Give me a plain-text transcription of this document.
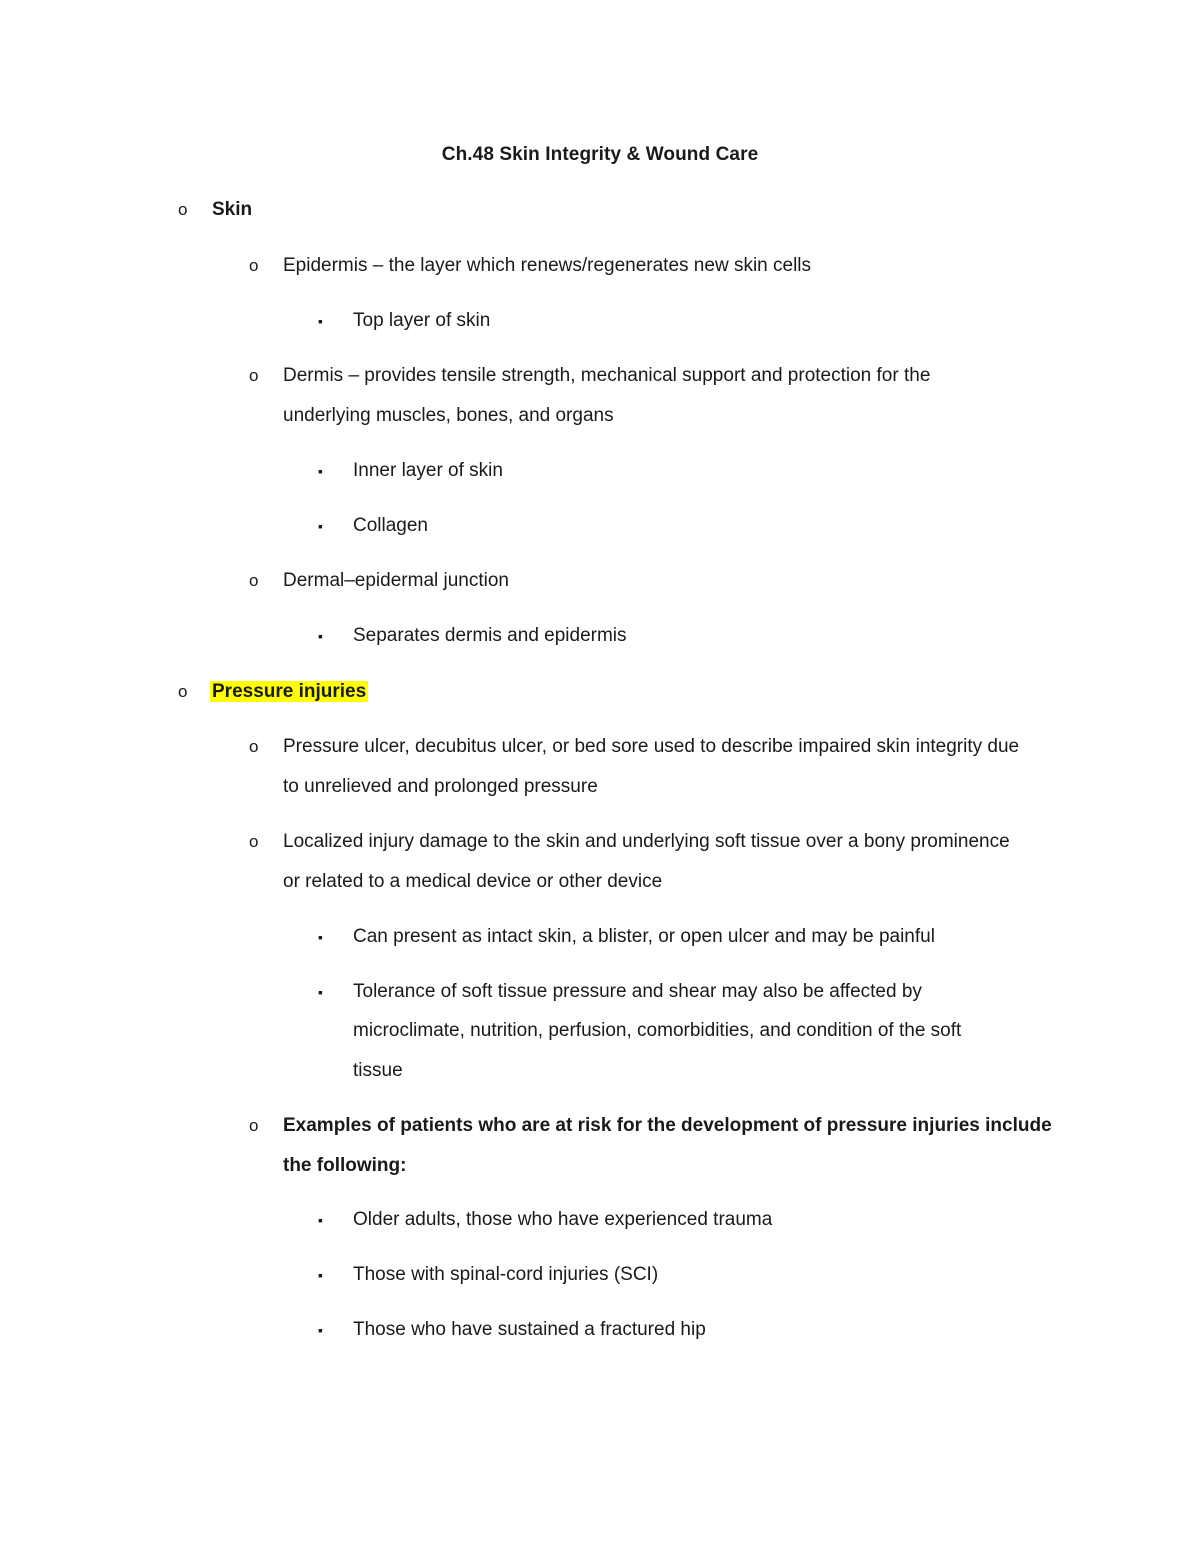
Ch.48 Skin Integrity & Wound Care
o Skin
o Epidermis – the layer which renews/regenerates new skin cells
▪ Top layer of skin
o Dermis – provides tensile strength, mechanical support and protection for the
underlying muscles, bones, and organs
▪ Inner layer of skin
▪ Collagen
o Dermal–epidermal junction
▪ Separates dermis and epidermis
o Pressure injuries
o Pressure ulcer, decubitus ulcer, or bed sore used to describe impaired skin integrity due
to unrelieved and prolonged pressure
o Localized injury damage to the skin and underlying soft tissue over a bony prominence
or related to a medical device or other device
▪ Can present as intact skin, a blister, or open ulcer and may be painful
▪ Tolerance of soft tissue pressure and shear may also be affected by
microclimate, nutrition, perfusion, comorbidities, and condition of the soft
tissue
o Examples of patients who are at risk for the development of pressure injuries include
the following:
▪ Older adults, those who have experienced trauma
▪ Those with spinal-cord injuries (SCI)
▪ Those who have sustained a fractured hip
